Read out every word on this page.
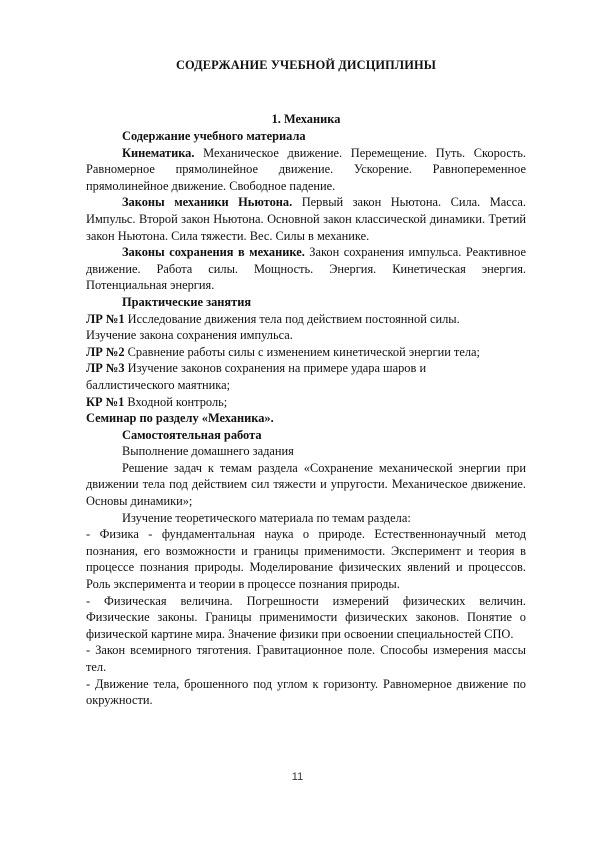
СОДЕРЖАНИЕ УЧЕБНОЙ ДИСЦИПЛИНЫ
1. Механика

Содержание учебного материала

Кинематика. Механическое движение. Перемещение. Путь. Скорость. Равномерное прямолинейное движение. Ускорение. Равнопеременное прямолинейное движение. Свободное падение.

Законы механики Ньютона. Первый закон Ньютона. Сила. Масса. Импульс. Второй закон Ньютона. Основной закон классической динамики. Третий закон Ньютона. Сила тяжести. Вес. Силы в механике.

Законы сохранения в механике. Закон сохранения импульса. Реактивное движение. Работа силы. Мощность. Энергия. Кинетическая энергия. Потенциальная энергия.

Практические занятия

ЛР №1 Исследование движения тела под действием постоянной силы.

Изучение закона сохранения импульса.

ЛР №2 Сравнение работы силы с изменением кинетической энергии тела;

ЛР №3 Изучение законов сохранения на примере удара шаров и

баллистического маятника;

КР №1 Входной контроль;

Семинар по разделу «Механика».

Самостоятельная работа

Выполнение домашнего задания

Решение задач к темам раздела «Сохранение механической энергии при движении тела под действием сил тяжести и упругости. Механическое движение. Основы динамики»;

Изучение теоретического материала по темам раздела:

- Физика - фундаментальная наука о природе. Естественнонаучный метод познания, его возможности и границы применимости. Эксперимент и теория в процессе познания природы. Моделирование физических явлений и процессов. Роль эксперимента и теории в процессе познания природы.

- Физическая величина. Погрешности измерений физических величин. Физические законы. Границы применимости физических законов. Понятие о физической картине мира. Значение физики при освоении специальностей СПО.

- Закон всемирного тяготения. Гравитационное поле. Способы измерения массы тел.

- Движение тела, брошенного под углом к горизонту. Равномерное движение по окружности.

11
